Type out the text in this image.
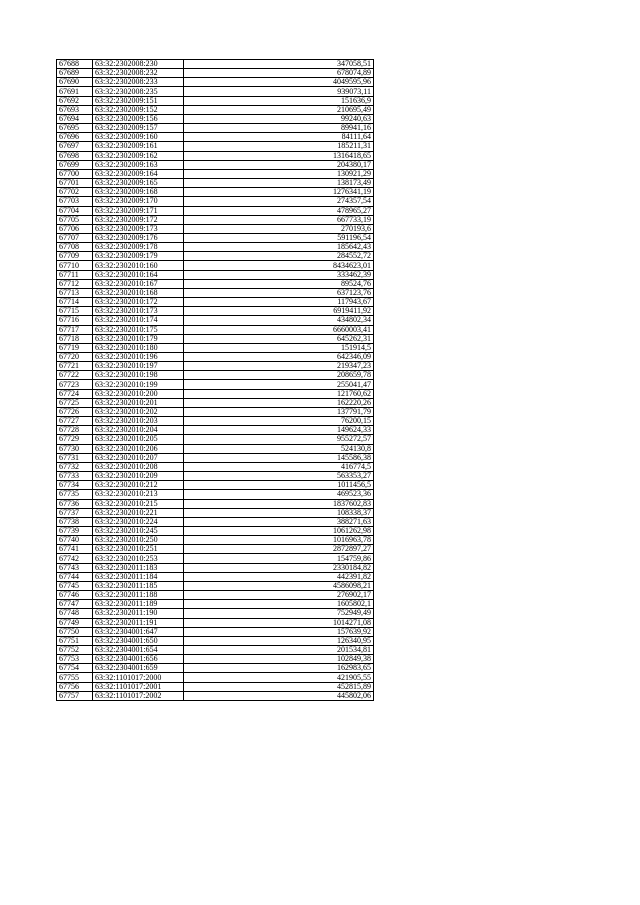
67688	63:32:2302008:230	347058,51
67689	63:32:2302008:232	678074,89
67690	63:32:2302008:233	4049595,96
67691	63:32:2302008:235	939073,11
67692	63:32:2302009:151	151636,9
67693	63:32:2302009:152	210695,49
67694	63:32:2302009:156	99240,63
67695	63:32:2302009:157	89941,16
67696	63:32:2302009:160	84111,64
67697	63:32:2302009:161	185211,31
67698	63:32:2302009:162	1316418,65
67699	63:32:2302009:163	204380,17
67700	63:32:2302009:164	130921,29
67701	63:32:2302009:165	138173,49
67702	63:32:2302009:168	1276341,19
67703	63:32:2302009:170	274357,54
67704	63:32:2302009:171	478965,27
67705	63:32:2302009:172	667733,19
67706	63:32:2302009:173	270193,6
67707	63:32:2302009:176	591196,54
67708	63:32:2302009:178	185642,43
67709	63:32:2302009:179	284552,72
67710	63:32:2302010:160	8434623,01
67711	63:32:2302010:164	333462,39
67712	63:32:2302010:167	89524,76
67713	63:32:2302010:168	637123,76
67714	63:32:2302010:172	117943,67
67715	63:32:2302010:173	6919411,92
67716	63:32:2302010:174	434802,34
67717	63:32:2302010:175	6660003,41
67718	63:32:2302010:179	645262,31
67719	63:32:2302010:180	151914,5
67720	63:32:2302010:196	642346,09
67721	63:32:2302010:197	219347,23
67722	63:32:2302010:198	208659,78
67723	63:32:2302010:199	255041,47
67724	63:32:2302010:200	121760,62
67725	63:32:2302010:201	162220,26
67726	63:32:2302010:202	137791,79
67727	63:32:2302010:203	76200,15
67728	63:32:2302010:204	149624,33
67729	63:32:2302010:205	955272,57
67730	63:32:2302010:206	524130,8
67731	63:32:2302010:207	145586,38
67732	63:32:2302010:208	416774,5
67733	63:32:2302010:209	563353,27
67734	63:32:2302010:212	1011456,5
67735	63:32:2302010:213	469523,36
67736	63:32:2302010:215	1837602,83
67737	63:32:2302010:221	108338,37
67738	63:32:2302010:224	388271,63
67739	63:32:2302010:245	1061262,98
67740	63:32:2302010:250	1016963,78
67741	63:32:2302010:251	2872897,27
67742	63:32:2302010:253	154759,86
67743	63:32:2302011:183	2330184,82
67744	63:32:2302011:184	442391,82
67745	63:32:2302011:185	4586098,21
67746	63:32:2302011:188	276902,17
67747	63:32:2302011:189	1605802,1
67748	63:32:2302011:190	752949,49
67749	63:32:2302011:191	1014271,08
67750	63:32:2304001:647	157639,92
67751	63:32:2304001:650	126340,95
67752	63:32:2304001:654	201534,81
67753	63:32:2304001:656	102849,38
67754	63:32:2304001:659	162983,65
67755	63:32:1101017:2000	421905,55
67756	63:32:1101017:2001	452815,89
67757	63:32:1101017:2002	445802,06
